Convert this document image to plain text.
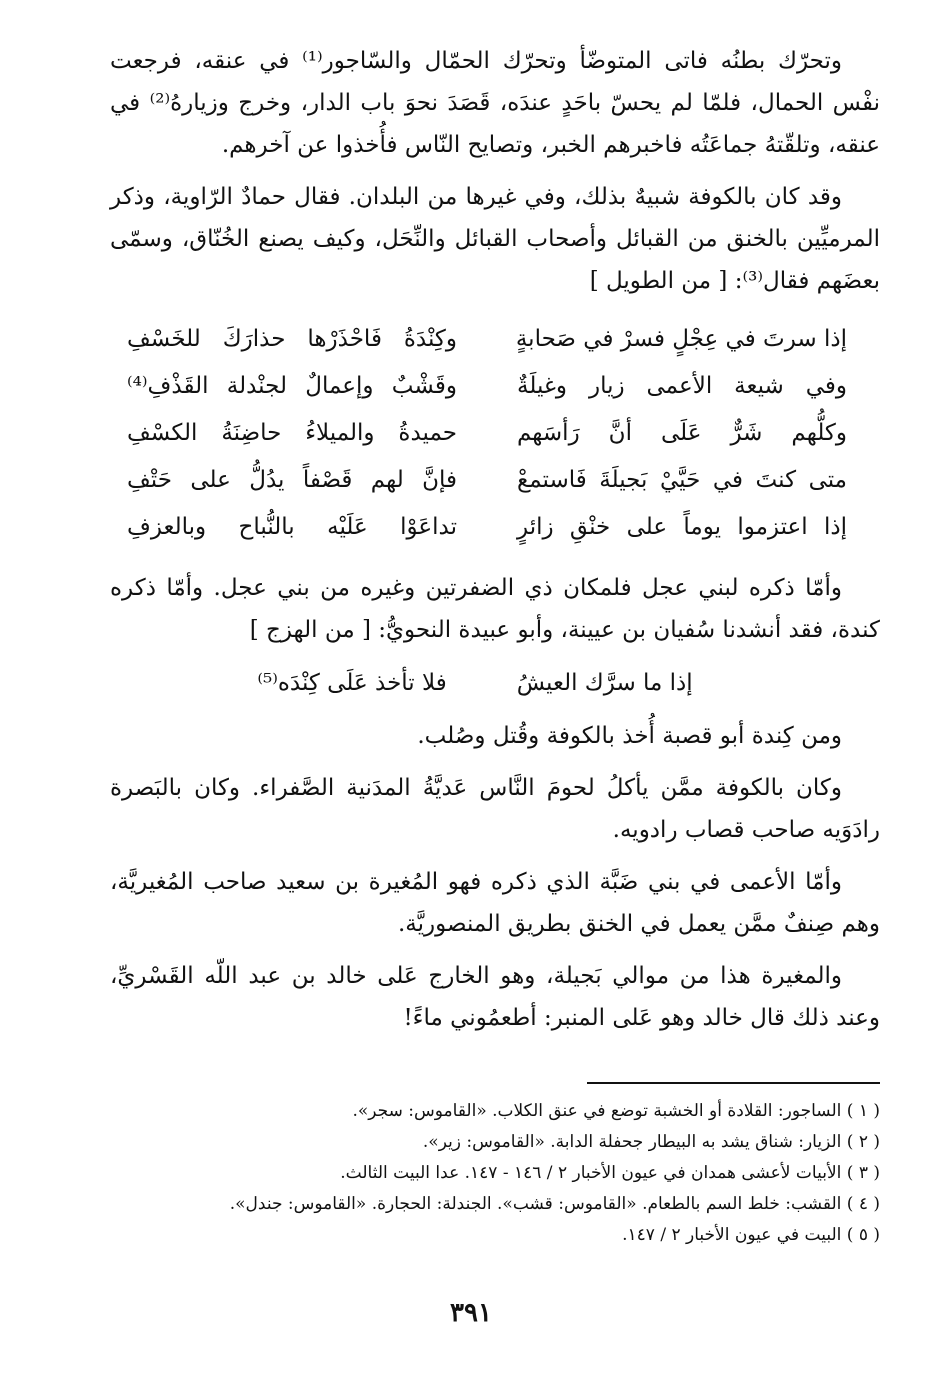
وتحرّك بطنُه فاتى المتوضّأ وتحرّك الحمّال والسّاجور⁽¹⁾ في عنقه، فرجعت نفْس الحمال، فلمّا لم يحسّ باحَدٍ عندَه، قَصَدَ نحوَ باب الدار، وخرج وزيارهُ⁽²⁾ في عنقه، وتلقّتهُ جماعَتُه فاخبرهم الخبر، وتصايح النّاس فأُخذوا عن آخرهم.

وقد كان بالكوفة شبيهٌ بذلك، وفي غيرها من البلدان. فقال حمادٌ الرّاوية، وذكر المرميِّين بالخنق من القبائل وأصحاب القبائل والنِّحَل، وكيف يصنع الخُنّاق، وسمّى بعضَهم فقال⁽³⁾: [ من الطويل ]

إذا سرتَ في عِجْلٍ فسرْ في صَحابةٍ
وكِنْدَةُ فَاحْذَرْها حذارَكَ للخَسْفِ
وفي شيعة الأعمى زيار وغيلَةٌ
وقَشْبٌ وإعمالٌ لجنْدلة القَذْفِ⁽⁴⁾
وكلُّهم شَرٌّ عَلَى أنَّ رَأسَهم
حميدةُ والميلاءُ حاضِنَةُ الكسْفِ
متى كنتَ في حَيَّيْ بَجيلَةَ فَاستمعْ
فإنَّ لهم قَصْفاً يدُلُّ على حَتْفِ
إذا اعتزموا يوماً على خنْقِ زائرٍ
تداعَوْا عَلَيْه بالنُّباح وبالعزفِ

وأمّا ذكره لبني عجل فلمكان ذي الضفرتين وغيره من بني عجل. وأمّا ذكره كندة، فقد أنشدنا سُفيان بن عيينة، وأبو عبيدة النحويُّ: [ من الهزج ]

إذا ما سرَّك العيشُ
فلا تأخذ عَلَى كِنْدَه⁽⁵⁾

ومن كِندة أبو قصبة أُخذ بالكوفة وقُتل وصُلب.

وكان بالكوفة ممَّن يأكلُ لحومَ النَّاس عَديَّةُ المدَنية الصَّفراء. وكان بالبَصرة رادَوَيه صاحب قصاب رادويه.

وأمّا الأعمى في بني ضَبَّة الذي ذكره فهو المُغيرة بن سعيد صاحب المُغيريَّة، وهم صِنفٌ ممَّن يعمل في الخنق بطريق المنصوريَّة.

والمغيرة هذا من موالي بَجيلة، وهو الخارج عَلى خالد بن عبد اللّه القَسْريِّ، وعند ذلك قال خالد وهو عَلى المنبر: أطعمُوني ماءً!

( ١ ) الساجور: القلادة أو الخشبة توضع في عنق الكلاب. «القاموس: سجر».
( ٢ ) الزيار: شناق يشد به البيطار جحفلة الدابة. «القاموس: زير».
( ٣ ) الأبيات لأعشى همدان في عيون الأخبار ٢ / ١٤٦ - ١٤٧. عدا البيت الثالث.
( ٤ ) القشب: خلط السم بالطعام. «القاموس: قشب». الجندلة: الحجارة. «القاموس: جندل».
( ٥ ) البيت في عيون الأخبار ٢ / ١٤٧.
٣٩١
